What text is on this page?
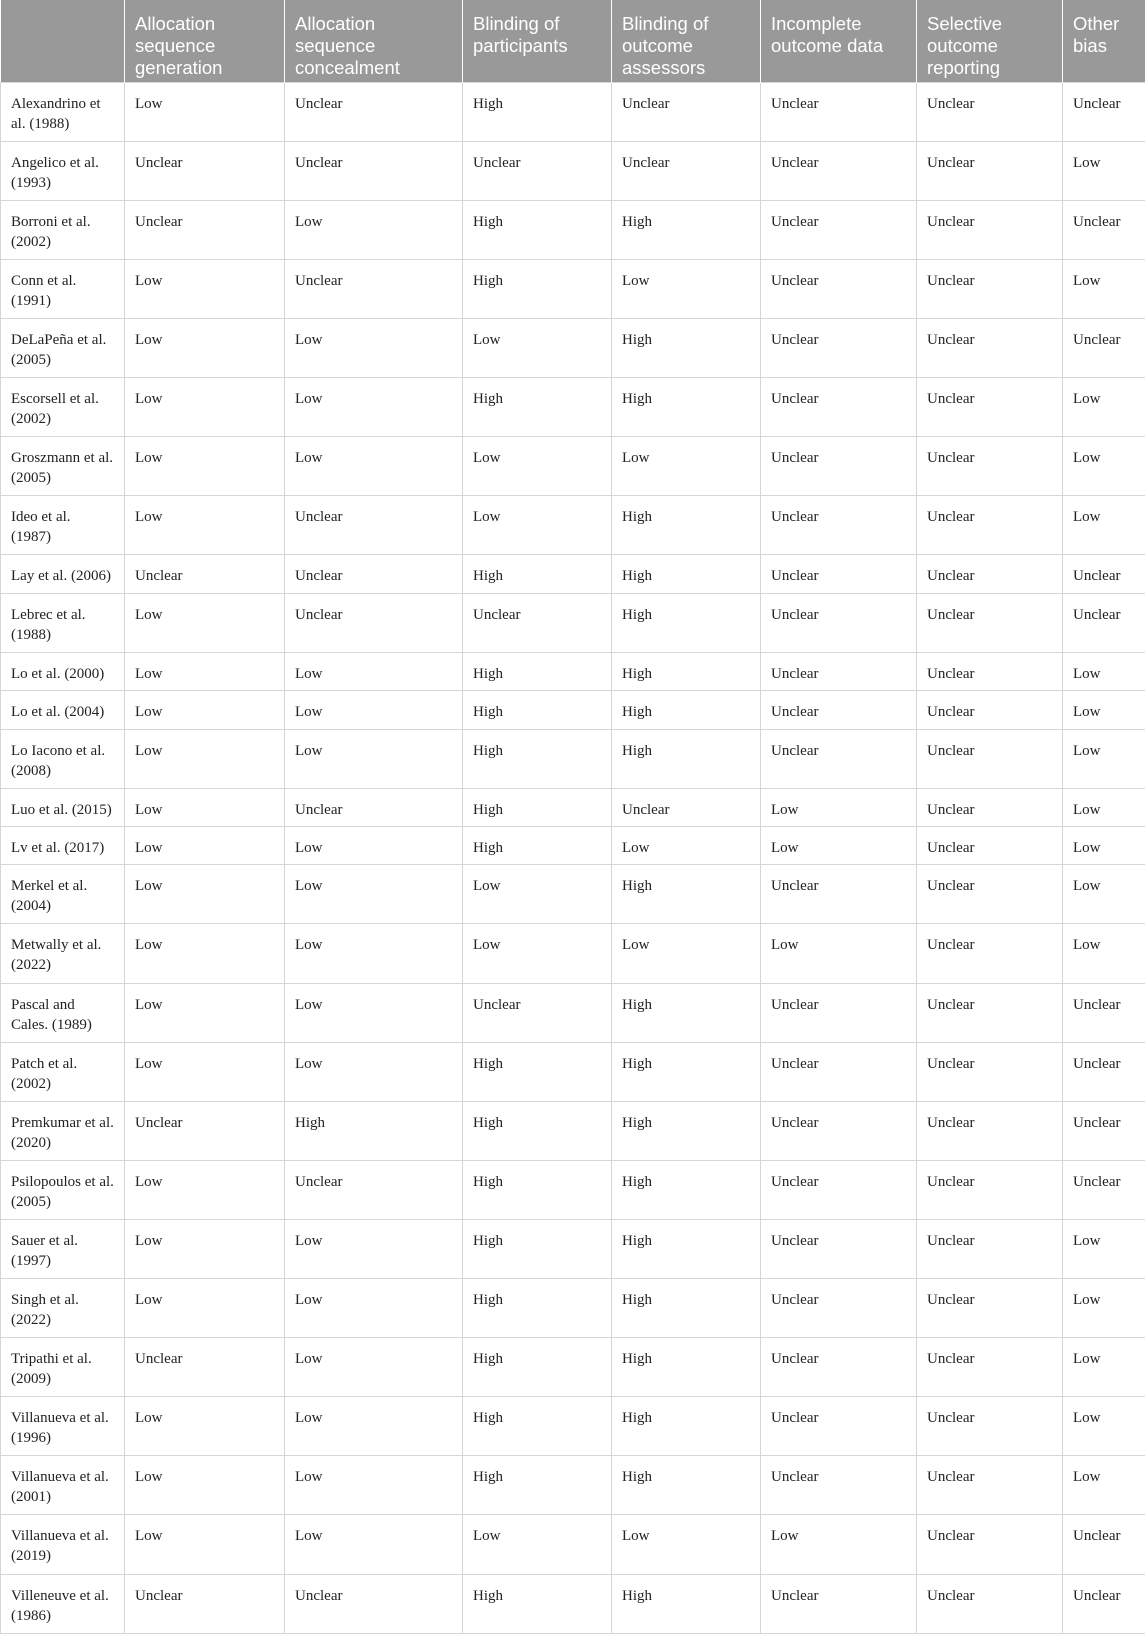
	Allocation sequence generation	Allocation sequence concealment	Blinding of participants	Blinding of outcome assessors	Incomplete outcome data	Selective outcome reporting	Other bias
Alexandrino et al. (1988)	Low	Unclear	High	Unclear	Unclear	Unclear	Unclear
Angelico et al. (1993)	Unclear	Unclear	Unclear	Unclear	Unclear	Unclear	Low
Borroni et al. (2002)	Unclear	Low	High	High	Unclear	Unclear	Unclear
Conn et al. (1991)	Low	Unclear	High	Low	Unclear	Unclear	Low
DeLaPeña et al. (2005)	Low	Low	Low	High	Unclear	Unclear	Unclear
Escorsell et al. (2002)	Low	Low	High	High	Unclear	Unclear	Low
Groszmann et al. (2005)	Low	Low	Low	Low	Unclear	Unclear	Low
Ideo et al. (1987)	Low	Unclear	Low	High	Unclear	Unclear	Low
Lay et al. (2006)	Unclear	Unclear	High	High	Unclear	Unclear	Unclear
Lebrec et al. (1988)	Low	Unclear	Unclear	High	Unclear	Unclear	Unclear
Lo et al. (2000)	Low	Low	High	High	Unclear	Unclear	Low
Lo et al. (2004)	Low	Low	High	High	Unclear	Unclear	Low
Lo Iacono et al. (2008)	Low	Low	High	High	Unclear	Unclear	Low
Luo et al. (2015)	Low	Unclear	High	Unclear	Low	Unclear	Low
Lv et al. (2017)	Low	Low	High	Low	Low	Unclear	Low
Merkel et al. (2004)	Low	Low	Low	High	Unclear	Unclear	Low
Metwally et al. (2022)	Low	Low	Low	Low	Low	Unclear	Low
Pascal and Cales. (1989)	Low	Low	Unclear	High	Unclear	Unclear	Unclear
Patch et al. (2002)	Low	Low	High	High	Unclear	Unclear	Unclear
Premkumar et al. (2020)	Unclear	High	High	High	Unclear	Unclear	Unclear
Psilopoulos et al. (2005)	Low	Unclear	High	High	Unclear	Unclear	Unclear
Sauer et al. (1997)	Low	Low	High	High	Unclear	Unclear	Low
Singh et al. (2022)	Low	Low	High	High	Unclear	Unclear	Low
Tripathi et al. (2009)	Unclear	Low	High	High	Unclear	Unclear	Low
Villanueva et al. (1996)	Low	Low	High	High	Unclear	Unclear	Low
Villanueva et al. (2001)	Low	Low	High	High	Unclear	Unclear	Low
Villanueva et al. (2019)	Low	Low	Low	Low	Low	Unclear	Unclear
Villeneuve et al. (1986)	Unclear	Unclear	High	High	Unclear	Unclear	Unclear
